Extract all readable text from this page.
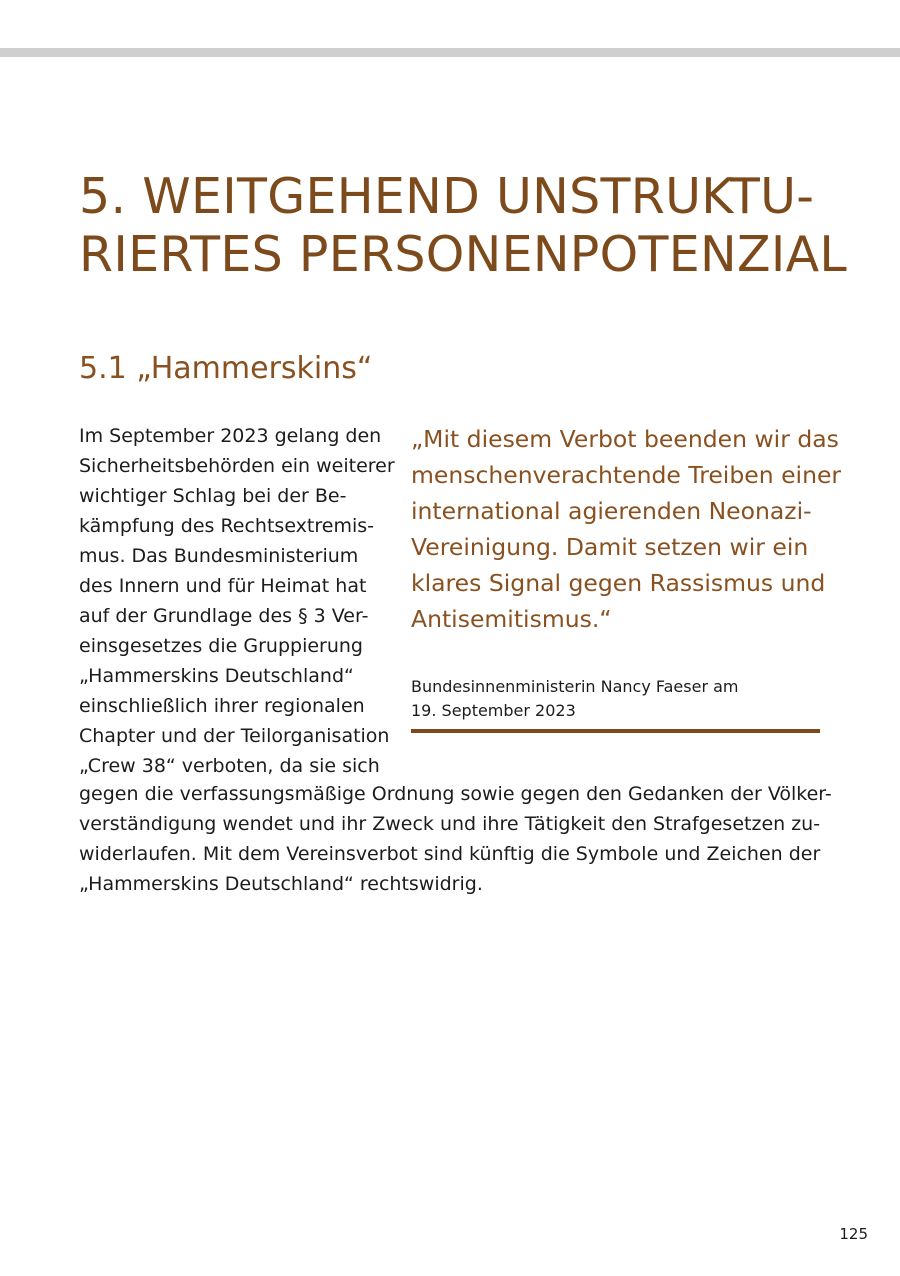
5. WEITGEHEND UNSTRUKTU-
RIERTES PERSONENPOTENZIAL
5.1 „Hammerskins“
Im September 2023 gelang den
Sicherheitsbehörden ein weiterer
wichtiger Schlag bei der Be-
kämpfung des Rechtsextremis-
mus. Das Bundesministerium
des Innern und für Heimat hat
auf der Grundlage des § 3 Ver-
einsgesetzes die Gruppierung
„Hammerskins Deutschland“
einschließlich ihrer regionalen
Chapter und der Teilorganisation
„Crew 38“ verboten, da sie sich
gegen die verfassungsmäßige Ordnung sowie gegen den Gedanken der Völker-
verständigung wendet und ihr Zweck und ihre Tätigkeit den Strafgesetzen zu-
widerlaufen. Mit dem Vereinsverbot sind künftig die Symbole und Zeichen der
„Hammerskins Deutschland“ rechtswidrig.
„Mit diesem Verbot beenden wir das
menschenverachtende Treiben einer
international agierenden Neonazi-
Vereinigung. Damit setzen wir ein
klares Signal gegen Rassismus und
Antisemitismus.“
Bundesinnenministerin Nancy Faeser am
19. September 2023
125
